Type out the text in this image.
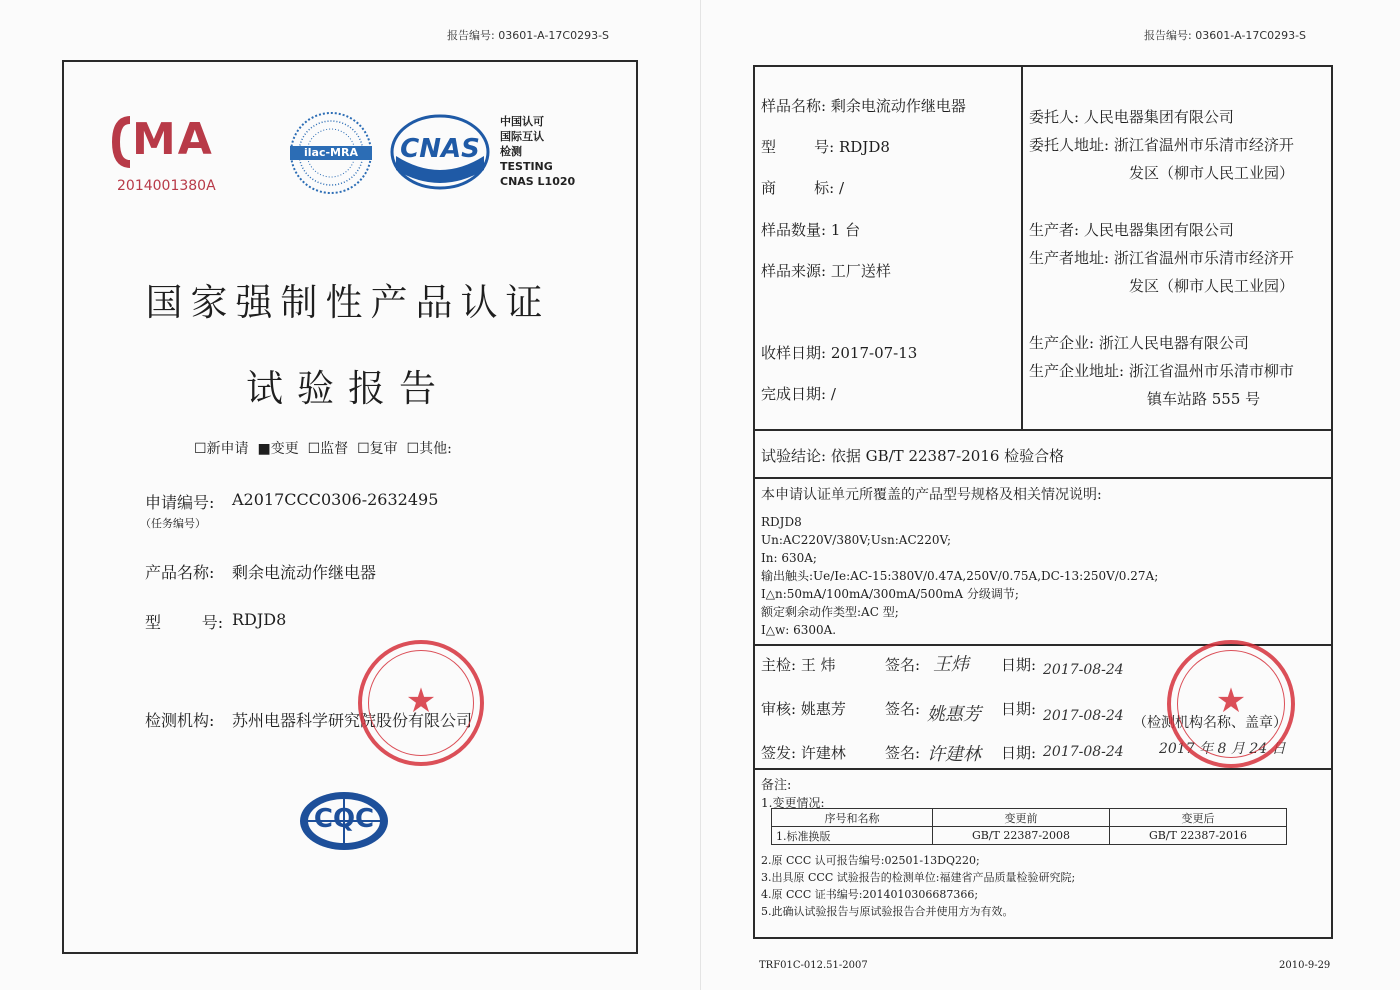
报告编号: 03601-A-17C0293-S
MA
2014001380A
ilac-MRA	CNAS
中国认可
国际互认
检测
TESTING
CNAS L1020
国家强制性产品认证
试验报告
☐新申请 ■变更 ☐监督 ☐复审 ☐其他:
申请编号: A2017CCC0306-2632495
（任务编号）
产品名称: 剩余电流动作继电器
型        号: RDJD8
检测机构: 苏州电器科学研究院股份有限公司
★
CQC
报告编号: 03601-A-17C0293-S

样品名称: 剩余电流动作继电器

型        号: RDJD8

商        标: /

样品数量: 1 台

样品来源: 工厂送样

收样日期: 2017-07-13

完成日期: /

委托人: 人民电器集团有限公司
委托人地址: 浙江省温州市乐清市经济开
发区（柳市人民工业园）
生产者: 人民电器集团有限公司
生产者地址: 浙江省温州市乐清市经济开
发区（柳市人民工业园）
生产企业: 浙江人民电器有限公司
生产企业地址: 浙江省温州市乐清市柳市
镇车站路 555 号
试验结论: 依据 GB/T 22387-2016 检验合格
本申请认证单元所覆盖的产品型号规格及相关情况说明:
RDJD8
Un:AC220V/380V;Usn:AC220V;
In: 630A;
输出触头:Ue/Ie:AC-15:380V/0.47A,250V/0.75A,DC-13:250V/0.27A;
I△n:50mA/100mA/300mA/500mA 分级调节;
额定剩余动作类型:AC 型;
I△w: 6300A.
主检: 王 炜	签名: 王炜 日期: 2017-08-24
审核: 姚惠芳	签名: 姚惠芳 日期: 2017-08-24
签发: 许建林	签名: 许建林 日期: 2017-08-24
（检测机构名称、盖章）
2017 年 8 月 24 日
★
备注:
1.变更情况:
序号和名称	变更前	变更后
1.标准换版	GB/T 22387-2008	GB/T 22387-2016
2.原 CCC 认可报告编号:02501-13DQ220;
3.出具原 CCC 试验报告的检测单位:福建省产品质量检验研究院;
4.原 CCC 证书编号:2014010306687366;
5.此确认试验报告与原试验报告合并使用方为有效。
TRF01C-012.51-2007	2010-9-29
